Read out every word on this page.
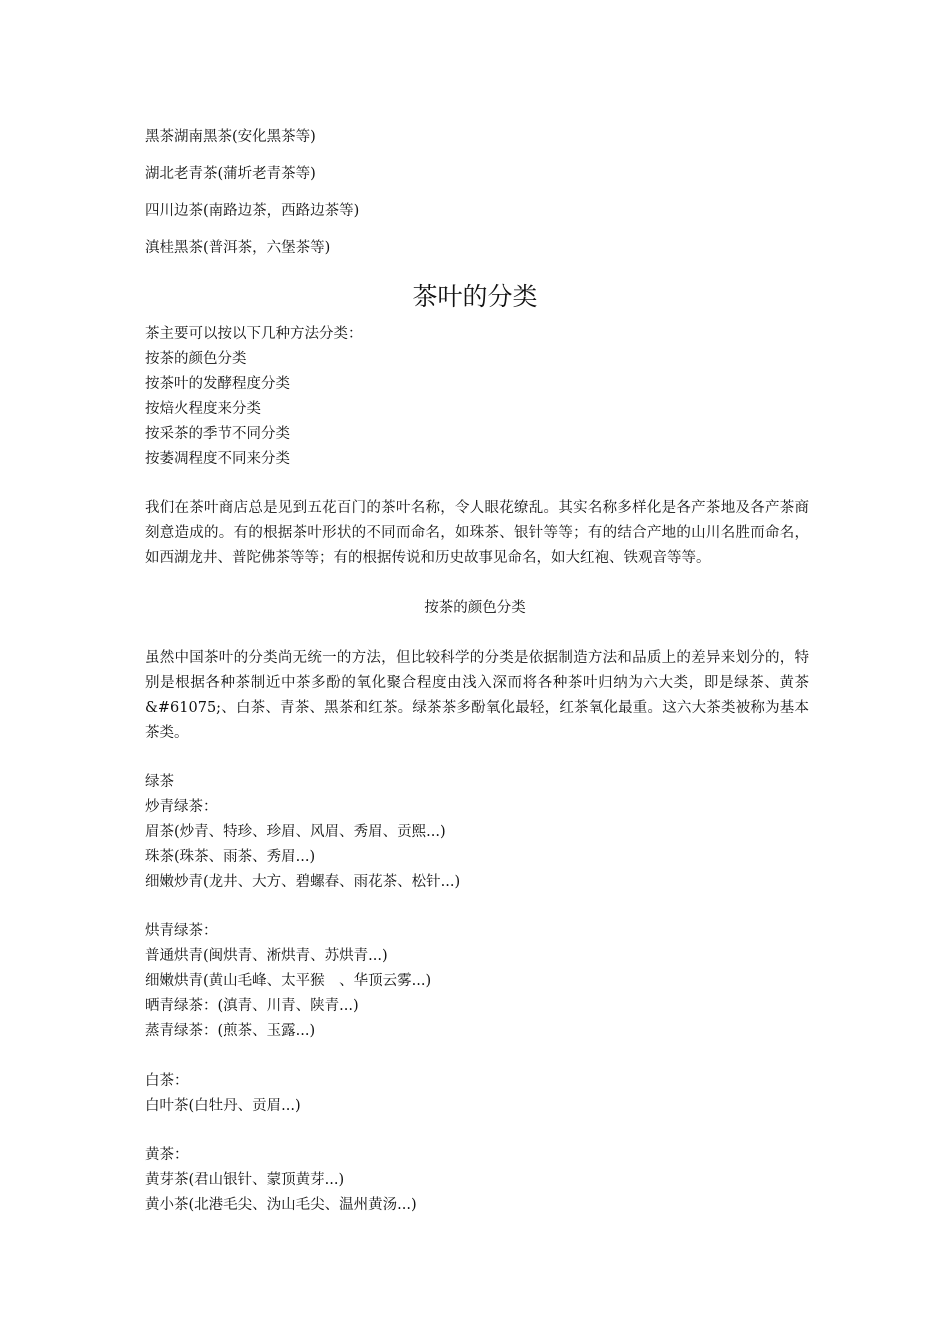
黑茶湖南黑茶(安化黑茶等)
湖北老青茶(蒲圻老青茶等)
四川边茶(南路边茶，西路边茶等)
滇桂黑茶(普洱茶，六堡茶等)
茶叶的分类
茶主要可以按以下几种方法分类：
按茶的颜色分类
按茶叶的发酵程度分类
按焙火程度来分类
按采茶的季节不同分类
按萎凋程度不同来分类
我们在茶叶商店总是见到五花百门的茶叶名称，令人眼花缭乱。其实名称多样化是各产茶地及各产茶商刻意造成的。有的根据茶叶形状的不同而命名，如珠茶、银针等等；有的结合产地的山川名胜而命名，如西湖龙井、普陀佛茶等等；有的根据传说和历史故事见命名，如大红袍、铁观音等等。
按茶的颜色分类
虽然中国茶叶的分类尚无统一的方法，但比较科学的分类是依据制造方法和品质上的差异来划分的，特别是根据各种茶制近中茶多酚的氧化聚合程度由浅入深而将各种茶叶归纳为六大类，即是绿茶、黄茶&#61075;、白茶、青茶、黑茶和红茶。绿茶茶多酚氧化最轻，红茶氧化最重。这六大茶类被称为基本茶类。
绿茶
炒青绿茶：
眉茶(炒青、特珍、珍眉、风眉、秀眉、贡熙...)
珠茶(珠茶、雨茶、秀眉...)
细嫩炒青(龙井、大方、碧螺春、雨花茶、松针...)
烘青绿茶：
普通烘青(闽烘青、淅烘青、苏烘青...)
细嫩烘青(黄山毛峰、太平猴　、华顶云雾...)
晒青绿茶：(滇青、川青、陕青...)
蒸青绿茶：(煎茶、玉露...)
白茶：
白叶茶(白牡丹、贡眉...)
黄茶：
黄芽茶(君山银针、蒙顶黄芽...)
黄小茶(北港毛尖、沩山毛尖、温州黄汤...)
